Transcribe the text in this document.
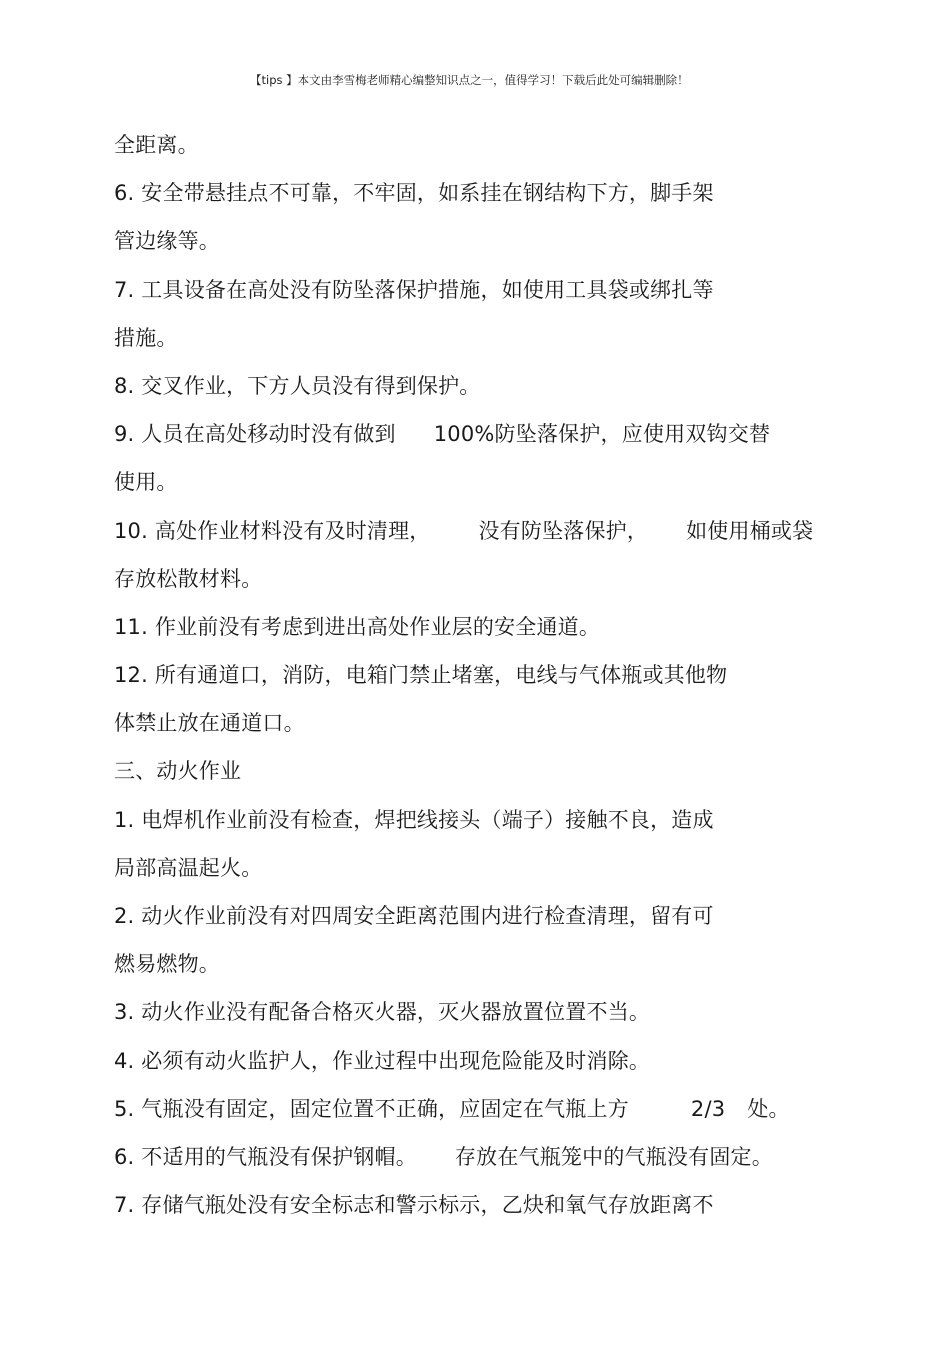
【tips 】本文由李雪梅老师精心编整知识点之一，值得学习！下载后此处可编辑删除！
全距离。
6. 安全带悬挂点不可靠，不牢固，如系挂在钢结构下方，脚手架
管边缘等。
7. 工具设备在高处没有防坠落保护措施，如使用工具袋或绑扎等
措施。
8. 交叉作业，下方人员没有得到保护。
9. 人员在高处移动时没有做到 100%防坠落保护，应使用双钩交替
使用。
10. 高处作业材料没有及时清理， 没有防坠落保护， 如使用桶或袋
存放松散材料。
11. 作业前没有考虑到进出高处作业层的安全通道。
12. 所有通道口，消防，电箱门禁止堵塞，电线与气体瓶或其他物
体禁止放在通道口。
三、动火作业
1. 电焊机作业前没有检查，焊把线接头（端子）接触不良，造成
局部高温起火。
2. 动火作业前没有对四周安全距离范围内进行检查清理，留有可
燃易燃物。
3. 动火作业没有配备合格灭火器，灭火器放置位置不当。
4. 必须有动火监护人，作业过程中出现危险能及时消除。
5. 气瓶没有固定，固定位置不正确，应固定在气瓶上方	2/3 处。
6. 不适用的气瓶没有保护钢帽。 存放在气瓶笼中的气瓶没有固定。
7. 存储气瓶处没有安全标志和警示标示，乙炔和氧气存放距离不
